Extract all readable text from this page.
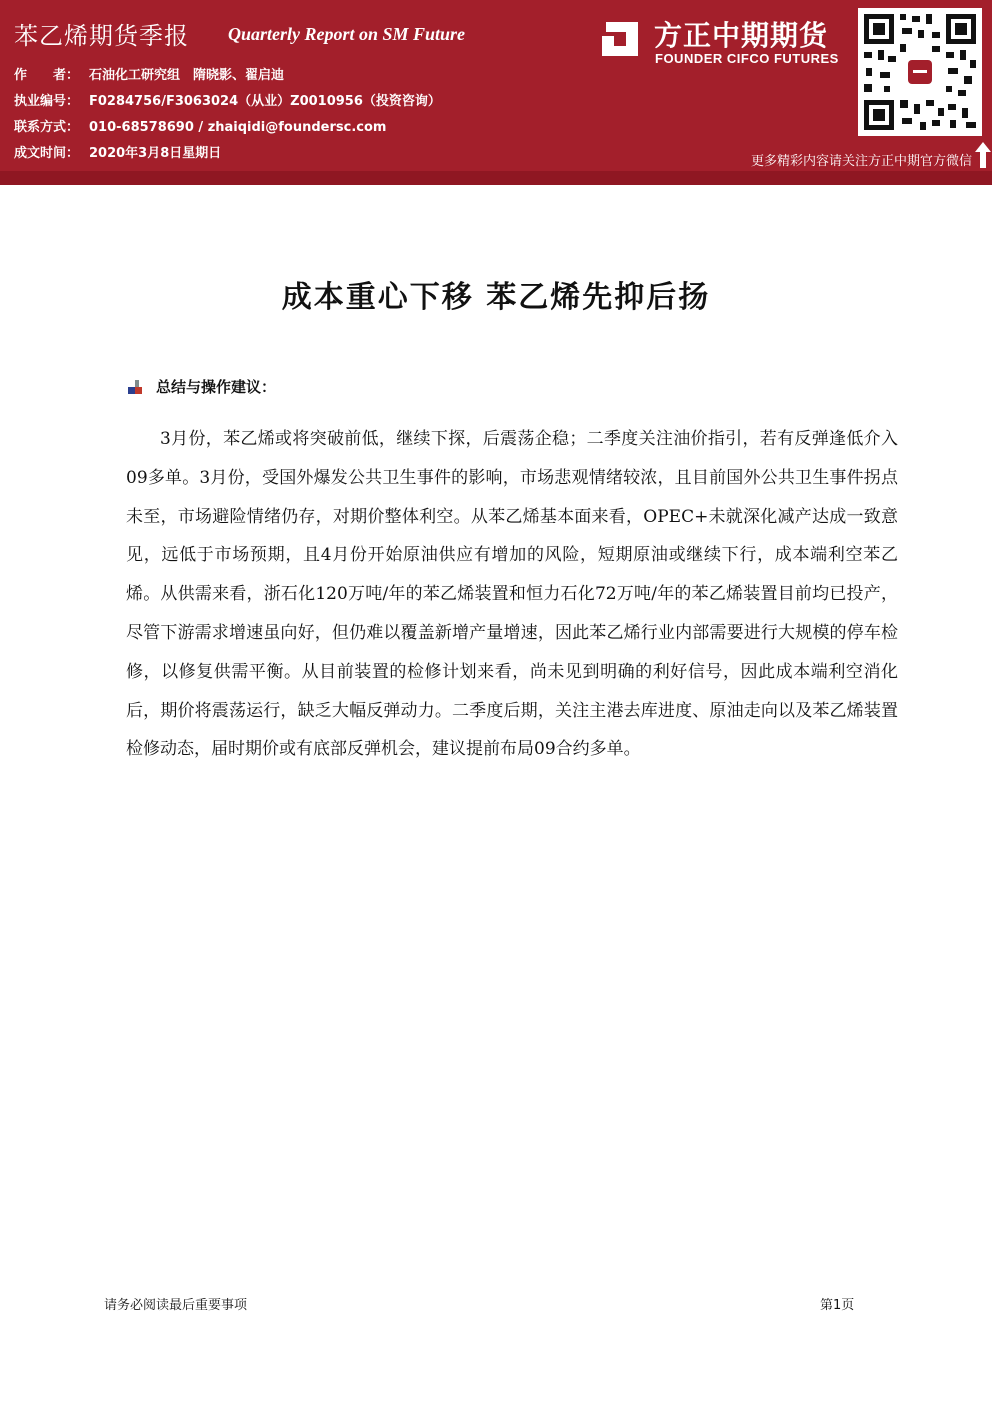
苯乙烯期货季报 Quarterly Report on SM Future
作　　者： 石油化工研究组　隋晓影、翟启迪
执业编号： F0284756/F3063024（从业）Z0010956（投资咨询）
联系方式： 010-68578690 / zhaiqidi@foundersc.com
成文时间： 2020年3月8日星期日
方正中期期货
FOUNDER CIFCO FUTURES
更多精彩内容请关注方正中期官方微信
成本重心下移 苯乙烯先抑后扬
总结与操作建议：

3月份，苯乙烯或将突破前低，继续下探，后震荡企稳；二季度关注油价指引，若有反弹逢低介入09多单。3月份，受国外爆发公共卫生事件的影响，市场悲观情绪较浓，且目前国外公共卫生事件拐点未至，市场避险情绪仍存，对期价整体利空。从苯乙烯基本面来看，OPEC+未就深化减产达成一致意见，远低于市场预期，且4月份开始原油供应有增加的风险，短期原油或继续下行，成本端利空苯乙烯。从供需来看，浙石化120万吨/年的苯乙烯装置和恒力石化72万吨/年的苯乙烯装置目前均已投产，尽管下游需求增速虽向好，但仍难以覆盖新增产量增速，因此苯乙烯行业内部需要进行大规模的停车检修，以修复供需平衡。从目前装置的检修计划来看，尚未见到明确的利好信号，因此成本端利空消化后，期价将震荡运行，缺乏大幅反弹动力。二季度后期，关注主港去库进度、原油走向以及苯乙烯装置检修动态，届时期价或有底部反弹机会，建议提前布局09合约多单。

请务必阅读最后重要事项	第1页
